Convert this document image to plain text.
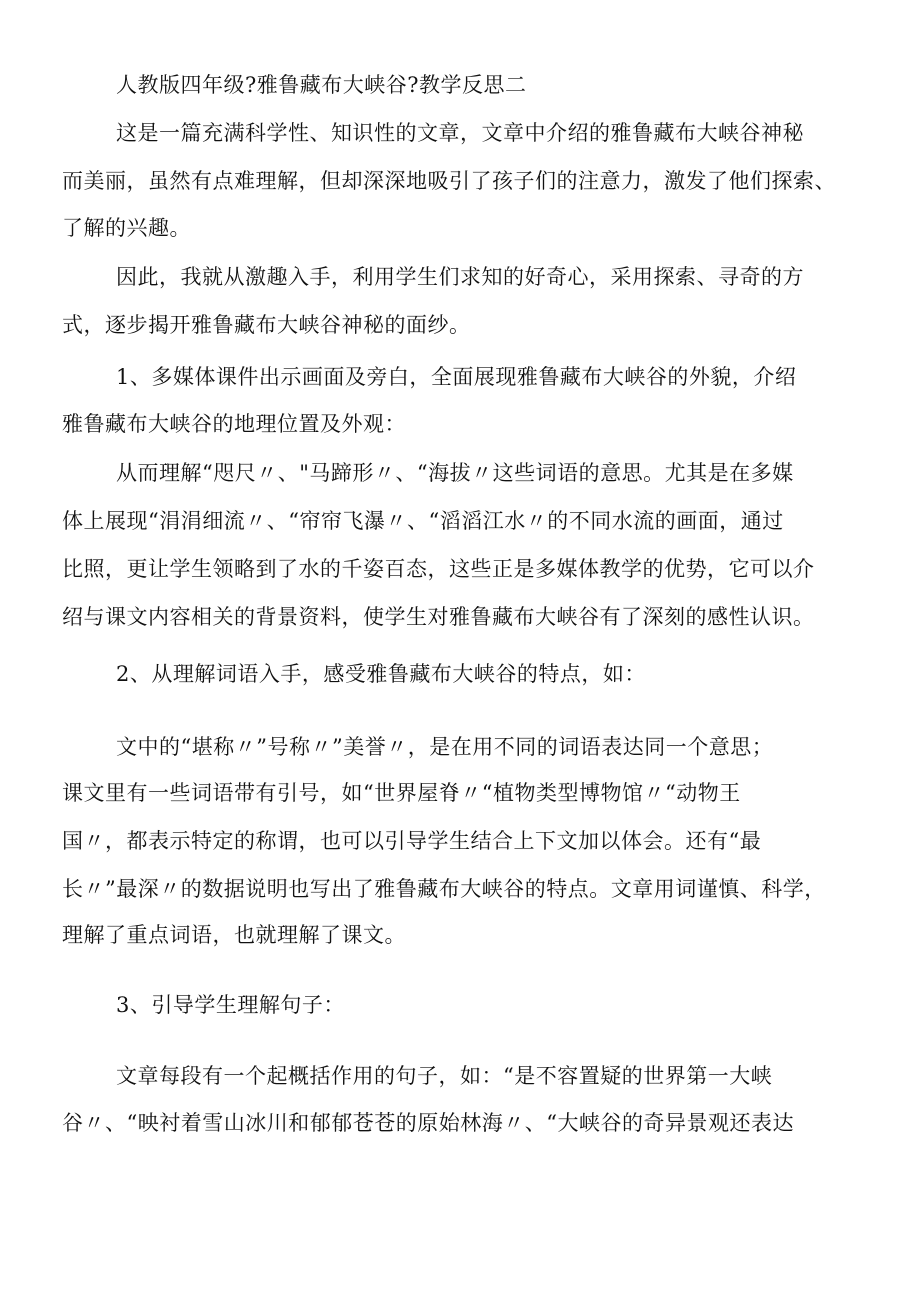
人教版四年级?雅鲁藏布大峡谷?教学反思二
这是一篇充满科学性、知识性的文章，文章中介绍的雅鲁藏布大峡谷神秘
而美丽，虽然有点难理解，但却深深地吸引了孩子们的注意力，激发了他们探索、
了解的兴趣。
因此，我就从激趣入手，利用学生们求知的好奇心，采用探索、寻奇的方
式，逐步揭开雅鲁藏布大峡谷神秘的面纱。
1、多媒体课件出示画面及旁白，全面展现雅鲁藏布大峡谷的外貌，介绍
雅鲁藏布大峡谷的地理位置及外观：
从而理解“咫尺〃、"马蹄形〃、“海拔〃这些词语的意思。尤其是在多媒
体上展现“涓涓细流〃、“帘帘飞瀑〃、“滔滔江水〃的不同水流的画面，通过
比照，更让学生领略到了水的千姿百态，这些正是多媒体教学的优势，它可以介
绍与课文内容相关的背景资料，使学生对雅鲁藏布大峡谷有了深刻的感性认识。
2、从理解词语入手，感受雅鲁藏布大峡谷的特点，如：
文中的“堪称〃”号称〃”美誉〃，是在用不同的词语表达同一个意思；
课文里有一些词语带有引号，如“世界屋脊〃“植物类型博物馆〃“动物王
国〃，都表示特定的称谓，也可以引导学生结合上下文加以体会。还有“最
长〃”最深〃的数据说明也写出了雅鲁藏布大峡谷的特点。文章用词谨慎、科学，
理解了重点词语，也就理解了课文。
3、引导学生理解句子：
文章每段有一个起概括作用的句子，如：“是不容置疑的世界第一大峡
谷〃、“映衬着雪山冰川和郁郁苍苍的原始林海〃、“大峡谷的奇异景观还表达
